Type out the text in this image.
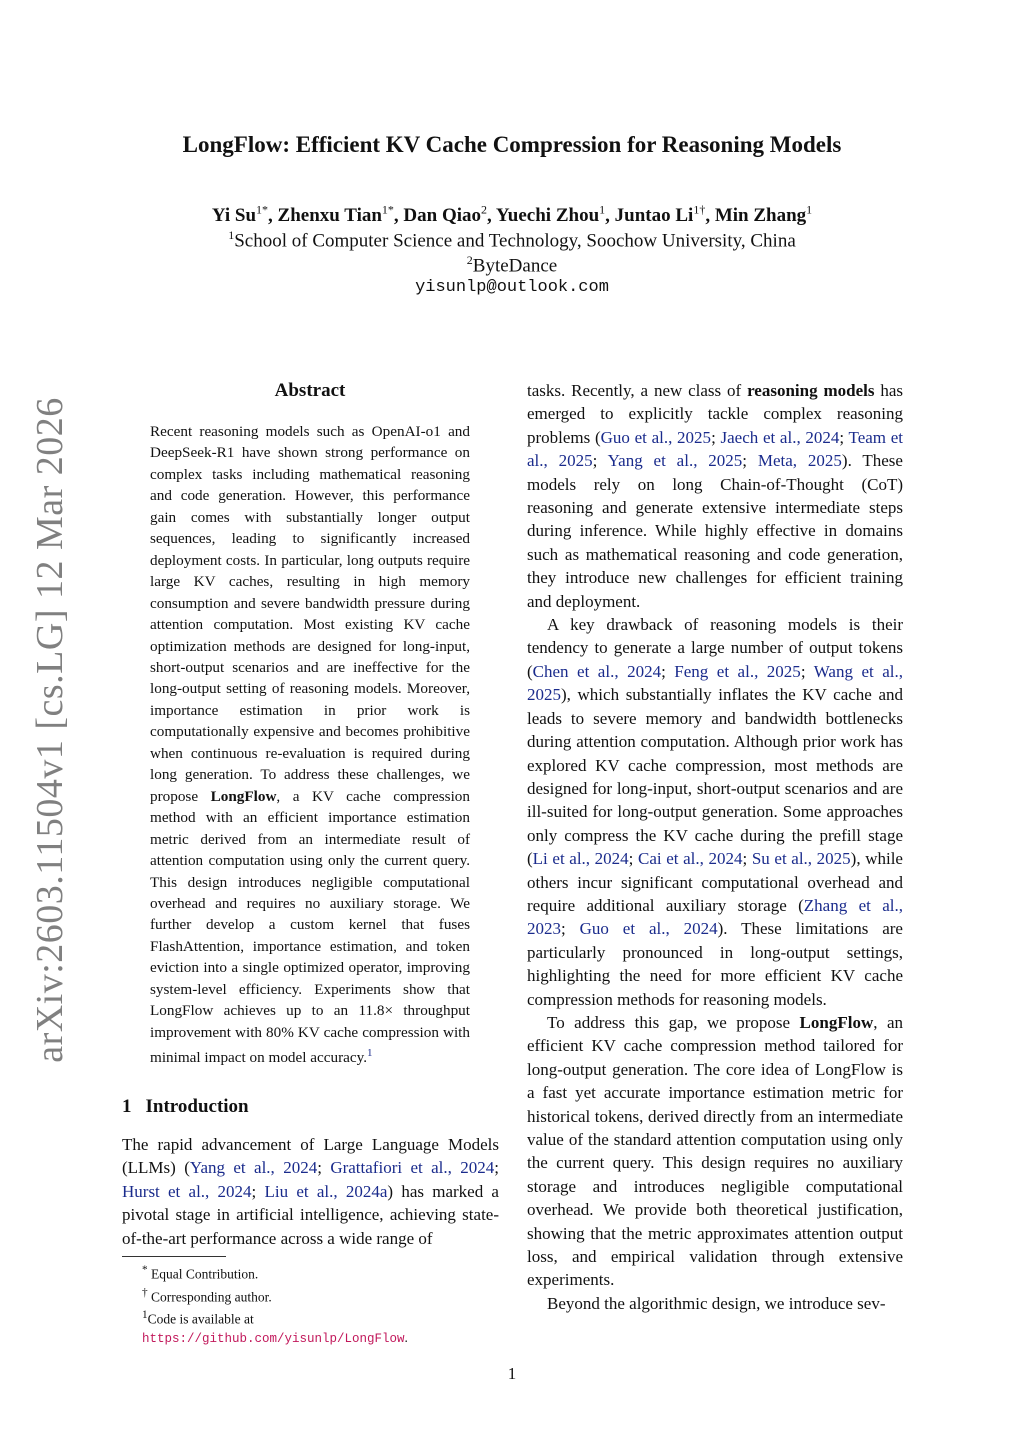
arXiv:2603.11504v1 [cs.LG] 12 Mar 2026
LongFlow: Efficient KV Cache Compression for Reasoning Models
Yi $Su^{1*}$, Zhenxu Tian$^{1*}$, Dan Qiao$^2$, Yuechi Zhou$^1$, Juntao $Li^{1\dagger}$, Min Zhang$^1$
$^1$School of Computer Science and Technology, Soochow University, China
$^2$ByteDance
yisunlp@outlook.com
Abstract
Recent reasoning models such as OpenAI-o1 and DeepSeek-R1 have shown strong performance on complex tasks including mathematical reasoning and code generation. However, this performance gain comes with substantially longer output sequences, leading to significantly increased deployment costs. In particular, long outputs require large KV caches, resulting in high memory consumption and severe bandwidth pressure during attention computation. Most existing KV cache optimization methods are designed for long-input, short-output scenarios and are ineffective for the long-output setting of reasoning models. Moreover, importance estimation in prior work is computationally expensive and becomes prohibitive when continuous re-evaluation is required during long generation. To address these challenges, we propose LongFlow, a KV cache compression method with an efficient importance estimation metric derived from an intermediate result of attention computation using only the current query. This design introduces negligible computational overhead and requires no auxiliary storage. We further develop a custom kernel that fuses FlashAttention, importance estimation, and token eviction into a single optimized operator, improving system-level efficiency. Experiments show that LongFlow achieves up to an 11.8× throughput improvement with 80% KV cache compression with minimal impact on model accuracy.$^1$
1 Introduction
The rapid advancement of Large Language Models (LLMs) (Yang et al., 2024; Grattafiori et al., 2024; Hurst et al., 2024; Liu et al., 2024a) has marked a pivotal stage in artificial intelligence, achieving state-of-the-art performance across a wide range of
* Equal Contribution.
† Corresponding author.
$^1$Code is available at https://github.com/yisunlp/LongFlow.

tasks. Recently, a new class of reasoning models has emerged to explicitly tackle complex reasoning problems (Guo et al., 2025; Jaech et al., 2024; Team et al., 2025; Yang et al., 2025; Meta, 2025). These models rely on long Chain-of-Thought (CoT) reasoning and generate extensive intermediate steps during inference. While highly effective in domains such as mathematical reasoning and code generation, they introduce new challenges for efficient training and deployment.

A key drawback of reasoning models is their tendency to generate a large number of output tokens (Chen et al., 2024; Feng et al., 2025; Wang et al., 2025), which substantially inflates the KV cache and leads to severe memory and bandwidth bottlenecks during attention computation. Although prior work has explored KV cache compression, most methods are designed for long-input, short-output scenarios and are ill-suited for long-output generation. Some approaches only compress the KV cache during the prefill stage (Li et al., 2024; Cai et al., 2024; Su et al., 2025), while others incur significant computational overhead and require additional auxiliary storage (Zhang et al., 2023; Guo et al., 2024). These limitations are particularly pronounced in long-output settings, highlighting the need for more efficient KV cache compression methods for reasoning models.

To address this gap, we propose LongFlow, an efficient KV cache compression method tailored for long-output generation. The core idea of LongFlow is a fast yet accurate importance estimation metric for historical tokens, derived directly from an intermediate value of the standard attention computation using only the current query. This design requires no auxiliary storage and introduces negligible computational overhead. We provide both theoretical justification, showing that the metric approximates attention output loss, and empirical validation through extensive experiments.

Beyond the algorithmic design, we introduce sev-

1
